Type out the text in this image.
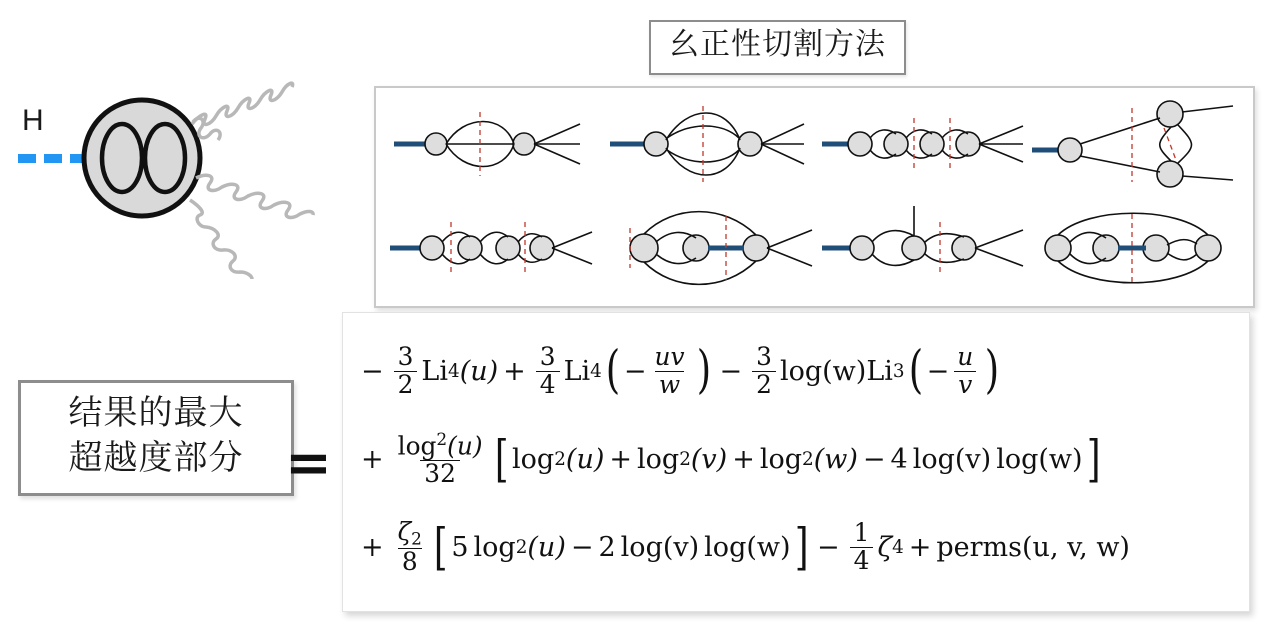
H
幺正性切割方法
结果的最大
超越度部分 =
− $\frac{3}{2}$ Li 4 $(u) + \frac{3}{4}$ Li 4 ( − $\frac{uv}{w}$ ) − $\frac{3}{2} \log(w)$ Li 3 ( − $\frac{u}{v}$ )
+ $\frac{\log^2(u)}{32}$ [ log 2 (u) + log 2 (v) + log 2 (w) − 4 log(v) log(w) ]
+ $\frac{\zeta_2}{8}$ [ 5 log 2 (u) − 2 log(v) log(w) ] − $\frac{1}{4}$ ζ 4 + perms(u, v, w)
